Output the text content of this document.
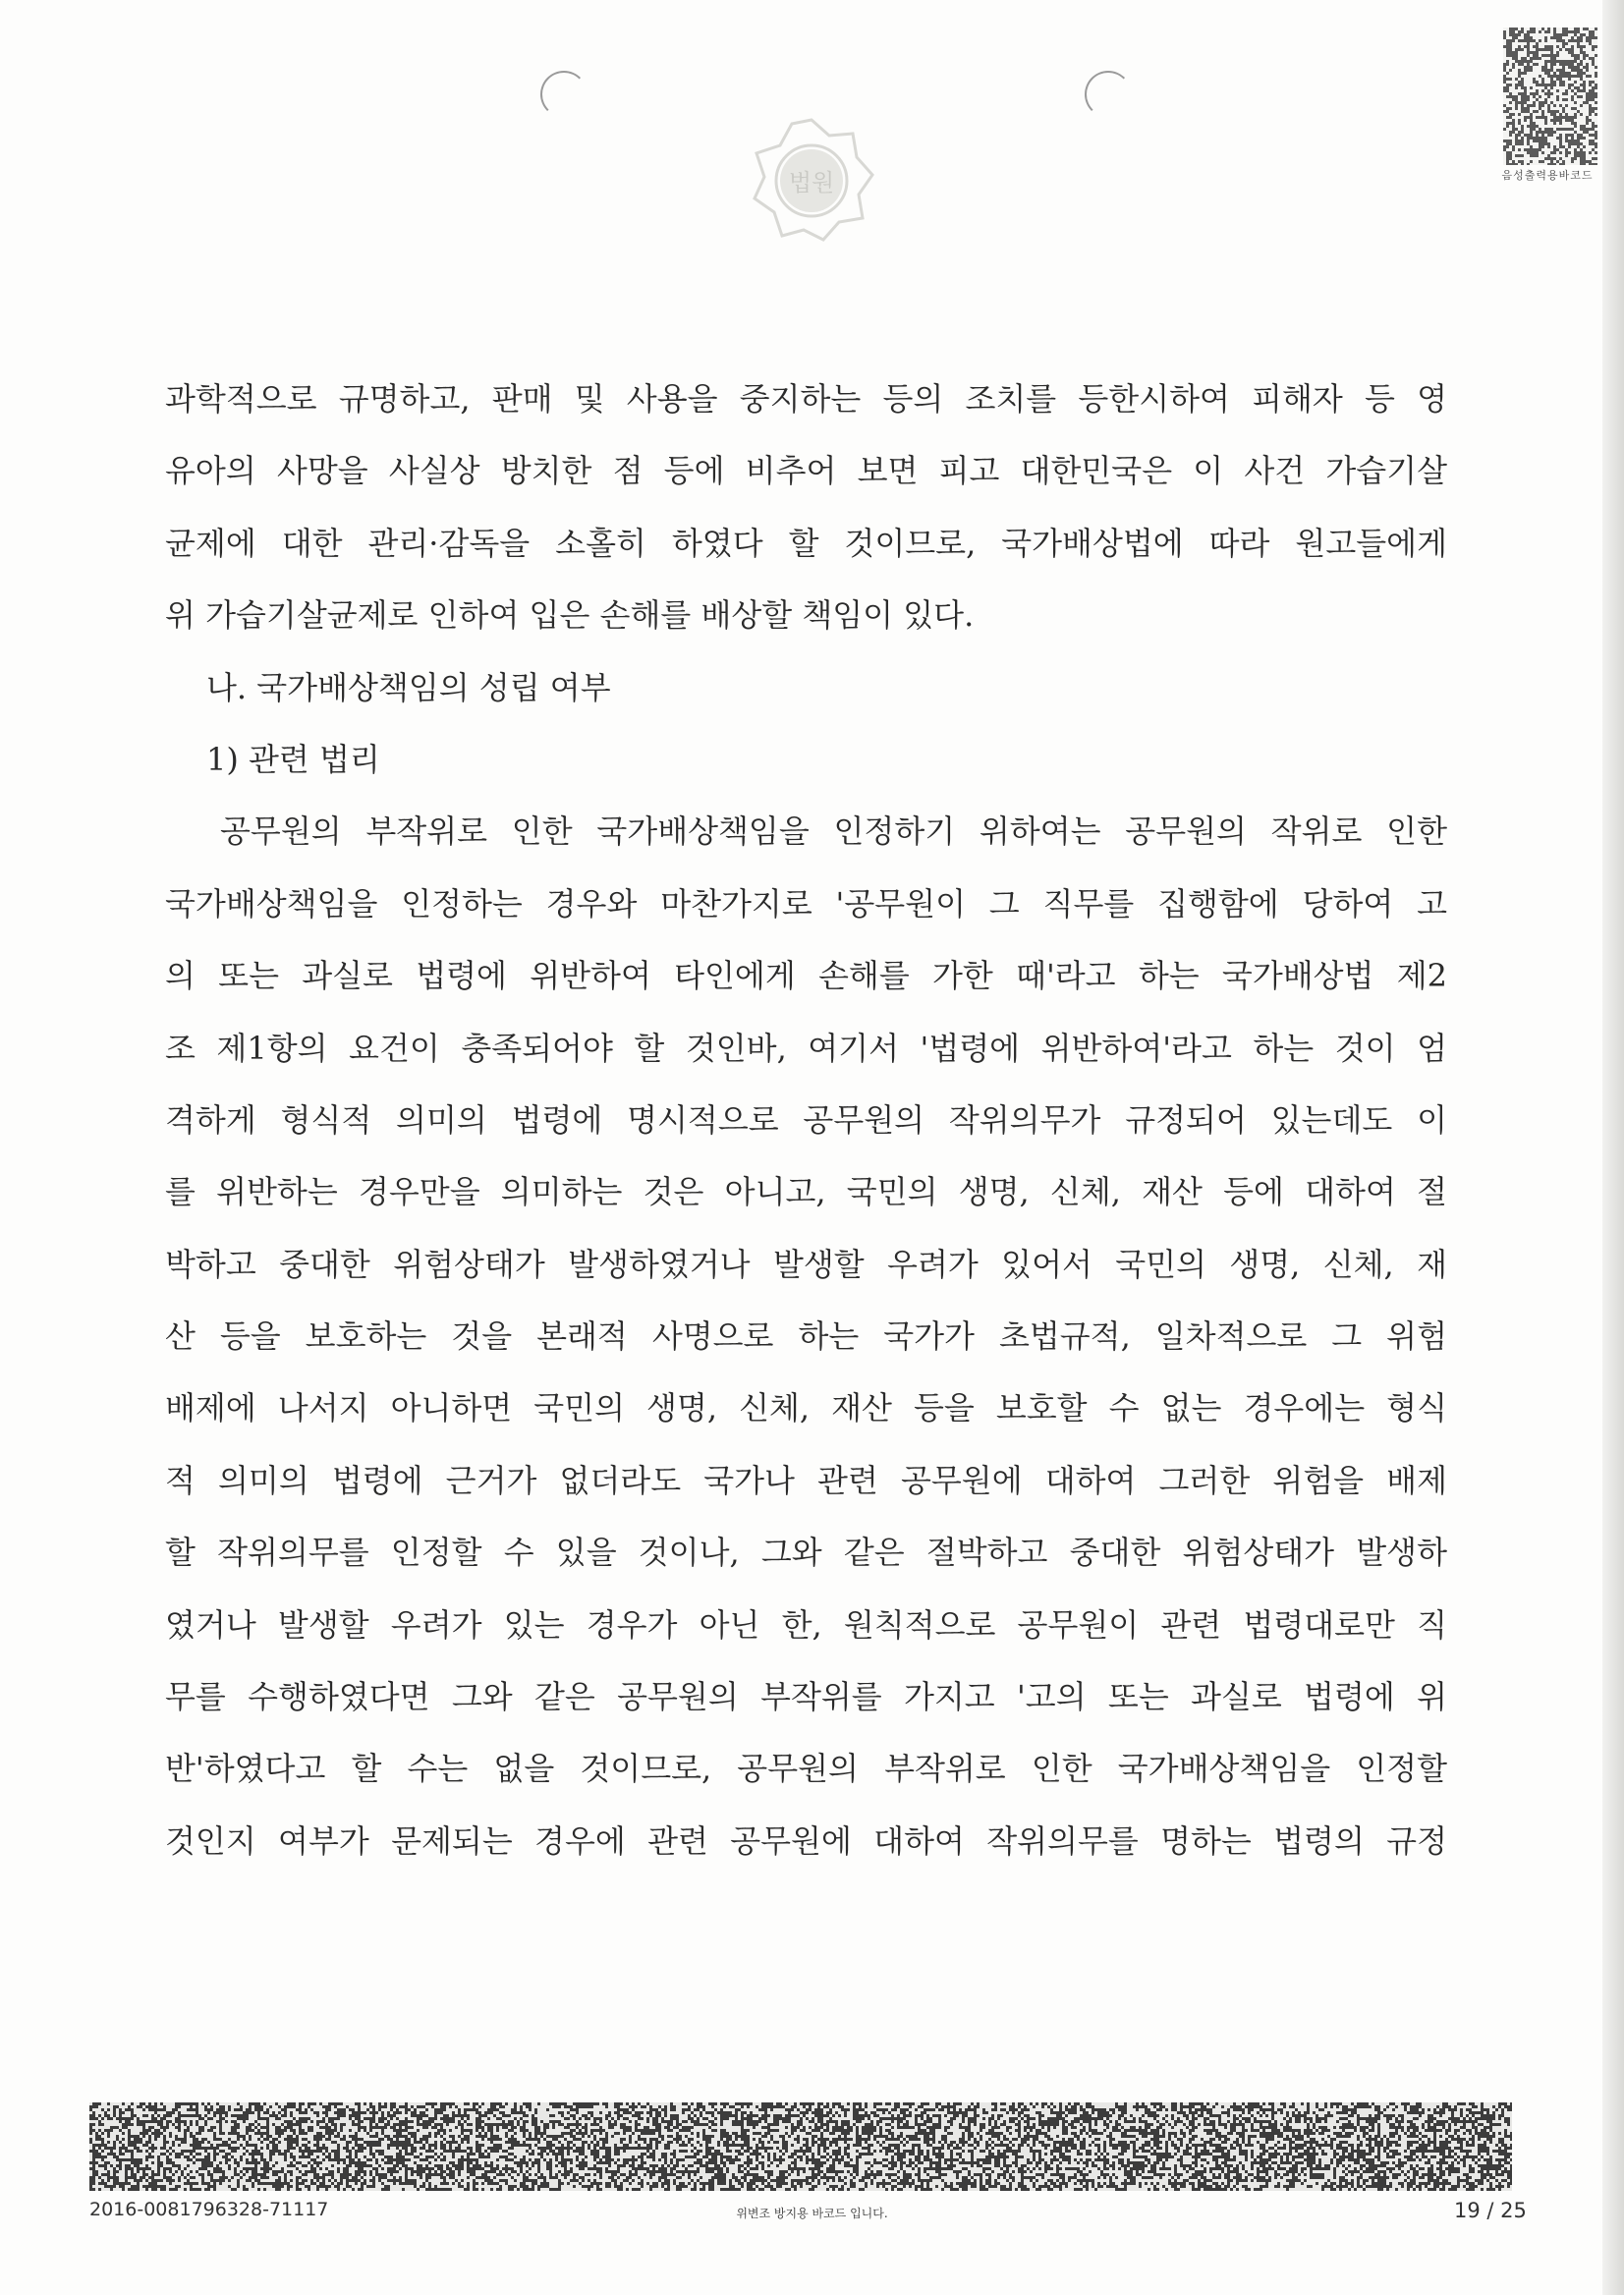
법원	음성출력용바코드
과학적으로 규명하고, 판매 및 사용을 중지하는 등의 조치를 등한시하여 피해자 등 영
유아의 사망을 사실상 방치한 점 등에 비추어 보면 피고 대한민국은 이 사건 가습기살
균제에 대한 관리·감독을 소홀히 하였다 할 것이므로, 국가배상법에 따라 원고들에게
위 가습기살균제로 인하여 입은 손해를 배상할 책임이 있다.
나. 국가배상책임의 성립 여부
1) 관련 법리
공무원의 부작위로 인한 국가배상책임을 인정하기 위하여는 공무원의 작위로 인한
국가배상책임을 인정하는 경우와 마찬가지로 '공무원이 그 직무를 집행함에 당하여 고
의 또는 과실로 법령에 위반하여 타인에게 손해를 가한 때'라고 하는 국가배상법 제2
조 제1항의 요건이 충족되어야 할 것인바, 여기서 '법령에 위반하여'라고 하는 것이 엄
격하게 형식적 의미의 법령에 명시적으로 공무원의 작위의무가 규정되어 있는데도 이
를 위반하는 경우만을 의미하는 것은 아니고, 국민의 생명, 신체, 재산 등에 대하여 절
박하고 중대한 위험상태가 발생하였거나 발생할 우려가 있어서 국민의 생명, 신체, 재
산 등을 보호하는 것을 본래적 사명으로 하는 국가가 초법규적, 일차적으로 그 위험
배제에 나서지 아니하면 국민의 생명, 신체, 재산 등을 보호할 수 없는 경우에는 형식
적 의미의 법령에 근거가 없더라도 국가나 관련 공무원에 대하여 그러한 위험을 배제
할 작위의무를 인정할 수 있을 것이나, 그와 같은 절박하고 중대한 위험상태가 발생하
였거나 발생할 우려가 있는 경우가 아닌 한, 원칙적으로 공무원이 관련 법령대로만 직
무를 수행하였다면 그와 같은 공무원의 부작위를 가지고 '고의 또는 과실로 법령에 위
반'하였다고 할 수는 없을 것이므로, 공무원의 부작위로 인한 국가배상책임을 인정할
것인지 여부가 문제되는 경우에 관련 공무원에 대하여 작위의무를 명하는 법령의 규정
2016-0081796328-71117	위변조 방지용 바코드 입니다.	19 / 25
